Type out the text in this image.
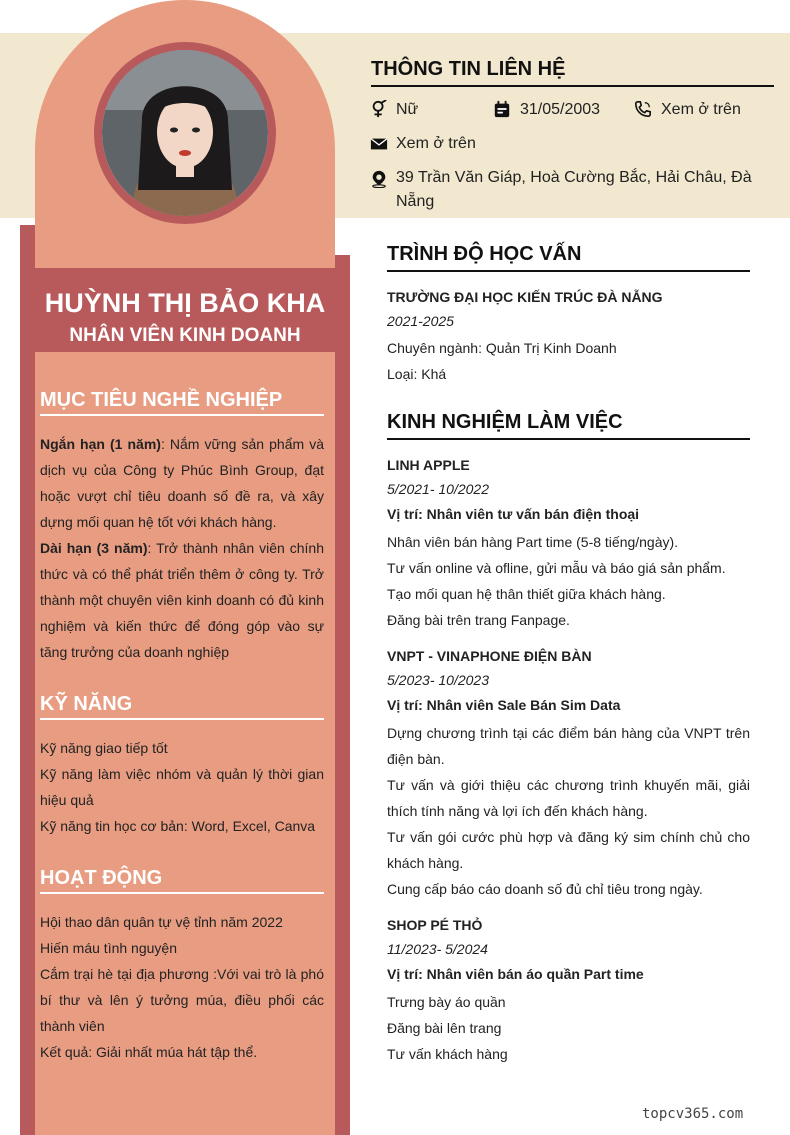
HUỲNH THỊ BẢO KHA
NHÂN VIÊN KINH DOANH
THÔNG TIN LIÊN HỆ
Nữ	31/05/2003	Xem ở trên
Xem ở trên
39 Trần Văn Giáp, Hoà Cường Bắc, Hải Châu, Đà
Nẵng
MỤC TIÊU NGHỀ NGHIỆP

Ngắn hạn (1 năm): Nắm vững sản phẩm và dịch vụ của Công ty Phúc Bình Group, đạt hoặc vượt chỉ tiêu doanh số đề ra, và xây dựng mối quan hệ tốt với khách hàng.

Dài hạn (3 năm): Trở thành nhân viên chính thức và có thể phát triển thêm ở công ty. Trở thành một chuyên viên kinh doanh có đủ kinh nghiệm và kiến thức để đóng góp vào sự tăng trưởng của doanh nghiệp

KỸ NĂNG

Kỹ năng giao tiếp tốt

Kỹ năng làm việc nhóm và quản lý thời gian hiệu quả

Kỹ năng tin học cơ bản: Word, Excel, Canva

HOẠT ĐỘNG

Hội thao dân quân tự vệ tỉnh năm 2022

Hiến máu tình nguyện

Cắm trại hè tại địa phương :Với vai trò là phó bí thư và lên ý tưởng múa, điều phối các thành viên

Kết quả: Giải nhất múa hát tập thể.

TRÌNH ĐỘ HỌC VẤN
TRƯỜNG ĐẠI HỌC KIẾN TRÚC ĐÀ NẴNG
2021-2025
Chuyên ngành: Quản Trị Kinh Doanh
Loại: Khá
KINH NGHIỆM LÀM VIỆC
LINH APPLE
5/2021- 10/2022
Vị trí: Nhân viên tư vấn bán điện thoại
Nhân viên bán hàng Part time (5-8 tiếng/ngày).
Tư vấn online và ofline, gửi mẫu và báo giá sản phẩm.
Tạo mối quan hệ thân thiết giữa khách hàng.
Đăng bài trên trang Fanpage.
VNPT - VINAPHONE ĐIỆN BÀN
5/2023- 10/2023
Vị trí: Nhân viên Sale Bán Sim Data
Dựng chương trình tại các điểm bán hàng của VNPT trên điện bàn.
Tư vấn và giới thiệu các chương trình khuyến mãi, giải thích tính năng và lợi ích đến khách hàng.
Tư vấn gói cước phù hợp và đăng ký sim chính chủ cho khách hàng.
Cung cấp báo cáo doanh số đủ chỉ tiêu trong ngày.
SHOP PÉ THỎ
11/2023- 5/2024
Vị trí: Nhân viên bán áo quần Part time
Trưng bày áo quần
Đăng bài lên trang
Tư vấn khách hàng
topcv365.com
